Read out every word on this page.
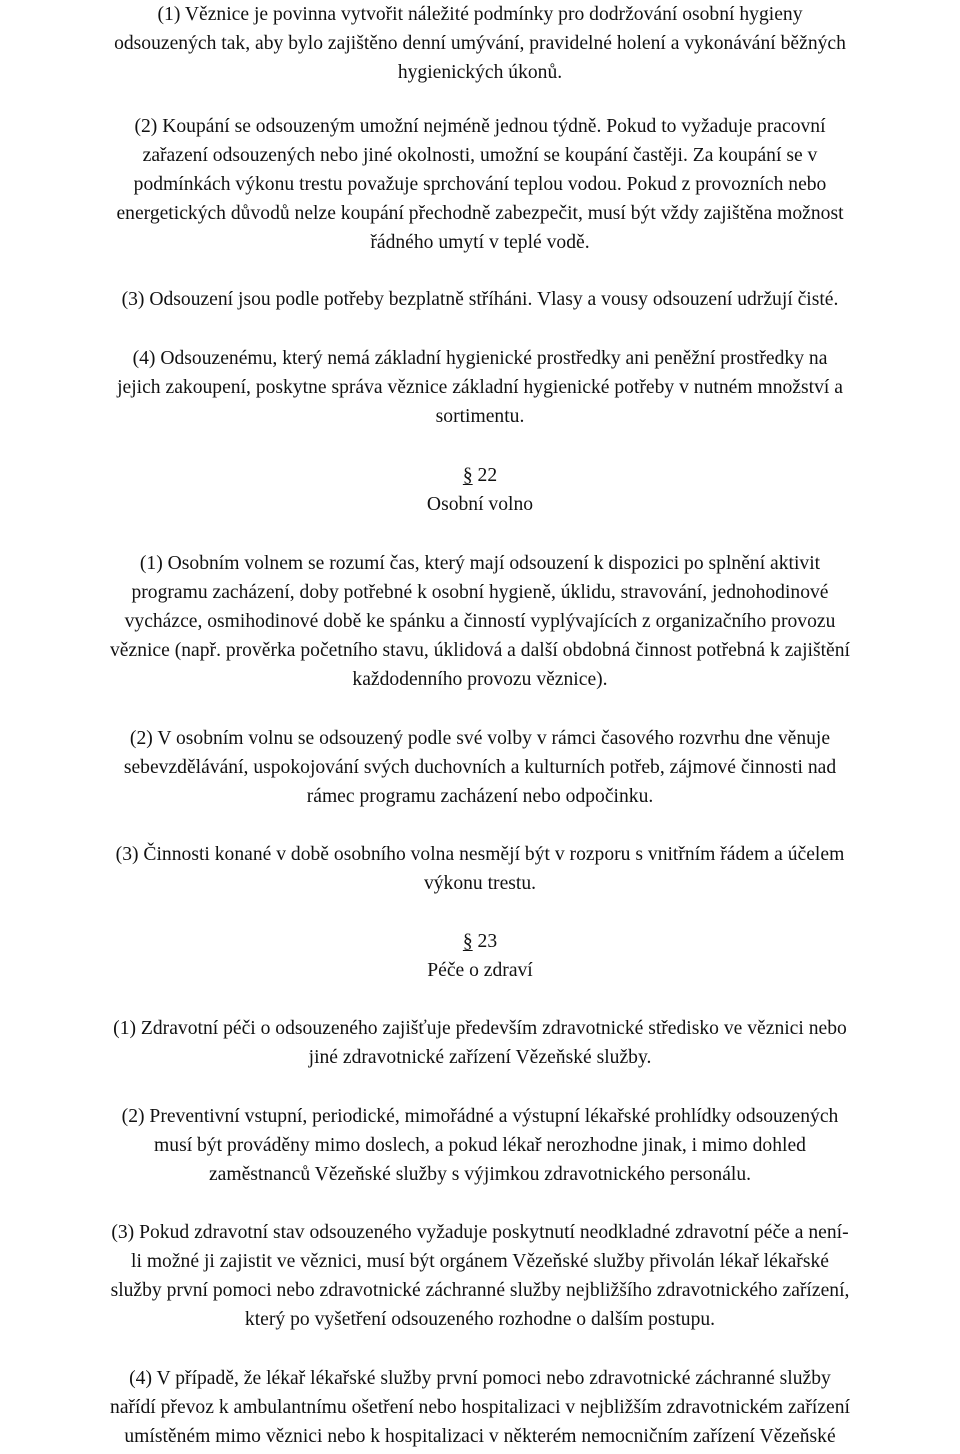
(1) Věznice je povinna vytvořit náležité podmínky pro dodržování osobní hygieny
odsouzených tak, aby bylo zajištěno denní umývání, pravidelné holení a vykonávání běžných
hygienických úkonů.

(2) Koupání se odsouzeným umožní nejméně jednou týdně. Pokud to vyžaduje pracovní
zařazení odsouzených nebo jiné okolnosti, umožní se koupání častěji. Za koupání se v
podmínkách výkonu trestu považuje sprchování teplou vodou. Pokud z provozních nebo
energetických důvodů nelze koupání přechodně zabezpečit, musí být vždy zajištěna možnost
řádného umytí v teplé vodě.

(3) Odsouzení jsou podle potřeby bezplatně stříháni. Vlasy a vousy odsouzení udržují čisté.

(4) Odsouzenému, který nemá základní hygienické prostředky ani peněžní prostředky na
jejich zakoupení, poskytne správa věznice základní hygienické potřeby v nutném množství a
sortimentu.

§ 22
Osobní volno

(1) Osobním volnem se rozumí čas, který mají odsouzení k dispozici po splnění aktivit
programu zacházení, doby potřebné k osobní hygieně, úklidu, stravování, jednohodinové
vycházce, osmihodinové době ke spánku a činností vyplývajících z organizačního provozu
věznice (např. prověrka početního stavu, úklidová a další obdobná činnost potřebná k zajištění
každodenního provozu věznice).

(2) V osobním volnu se odsouzený podle své volby v rámci časového rozvrhu dne věnuje
sebevzdělávání, uspokojování svých duchovních a kulturních potřeb, zájmové činnosti nad
rámec programu zacházení nebo odpočinku.

(3) Činnosti konané v době osobního volna nesmějí být v rozporu s vnitřním řádem a účelem
výkonu trestu.

§ 23
Péče o zdraví

(1) Zdravotní péči o odsouzeného zajišťuje především zdravotnické středisko ve věznici nebo
jiné zdravotnické zařízení Vězeňské služby.

(2) Preventivní vstupní, periodické, mimořádné a výstupní lékařské prohlídky odsouzených
musí být prováděny mimo doslech, a pokud lékař nerozhodne jinak, i mimo dohled
zaměstnanců Vězeňské služby s výjimkou zdravotnického personálu.

(3) Pokud zdravotní stav odsouzeného vyžaduje poskytnutí neodkladné zdravotní péče a není-
li možné ji zajistit ve věznici, musí být orgánem Vězeňské služby přivolán lékař lékařské
služby první pomoci nebo zdravotnické záchranné služby nejbližšího zdravotnického zařízení,
který po vyšetření odsouzeného rozhodne o dalším postupu.

(4) V případě, že lékař lékařské služby první pomoci nebo zdravotnické záchranné služby
nařídí převoz k ambulantnímu ošetření nebo hospitalizaci v nejbližším zdravotnickém zařízení
umístěném mimo věznici nebo k hospitalizaci v některém nemocničním zařízení Vězeňské
